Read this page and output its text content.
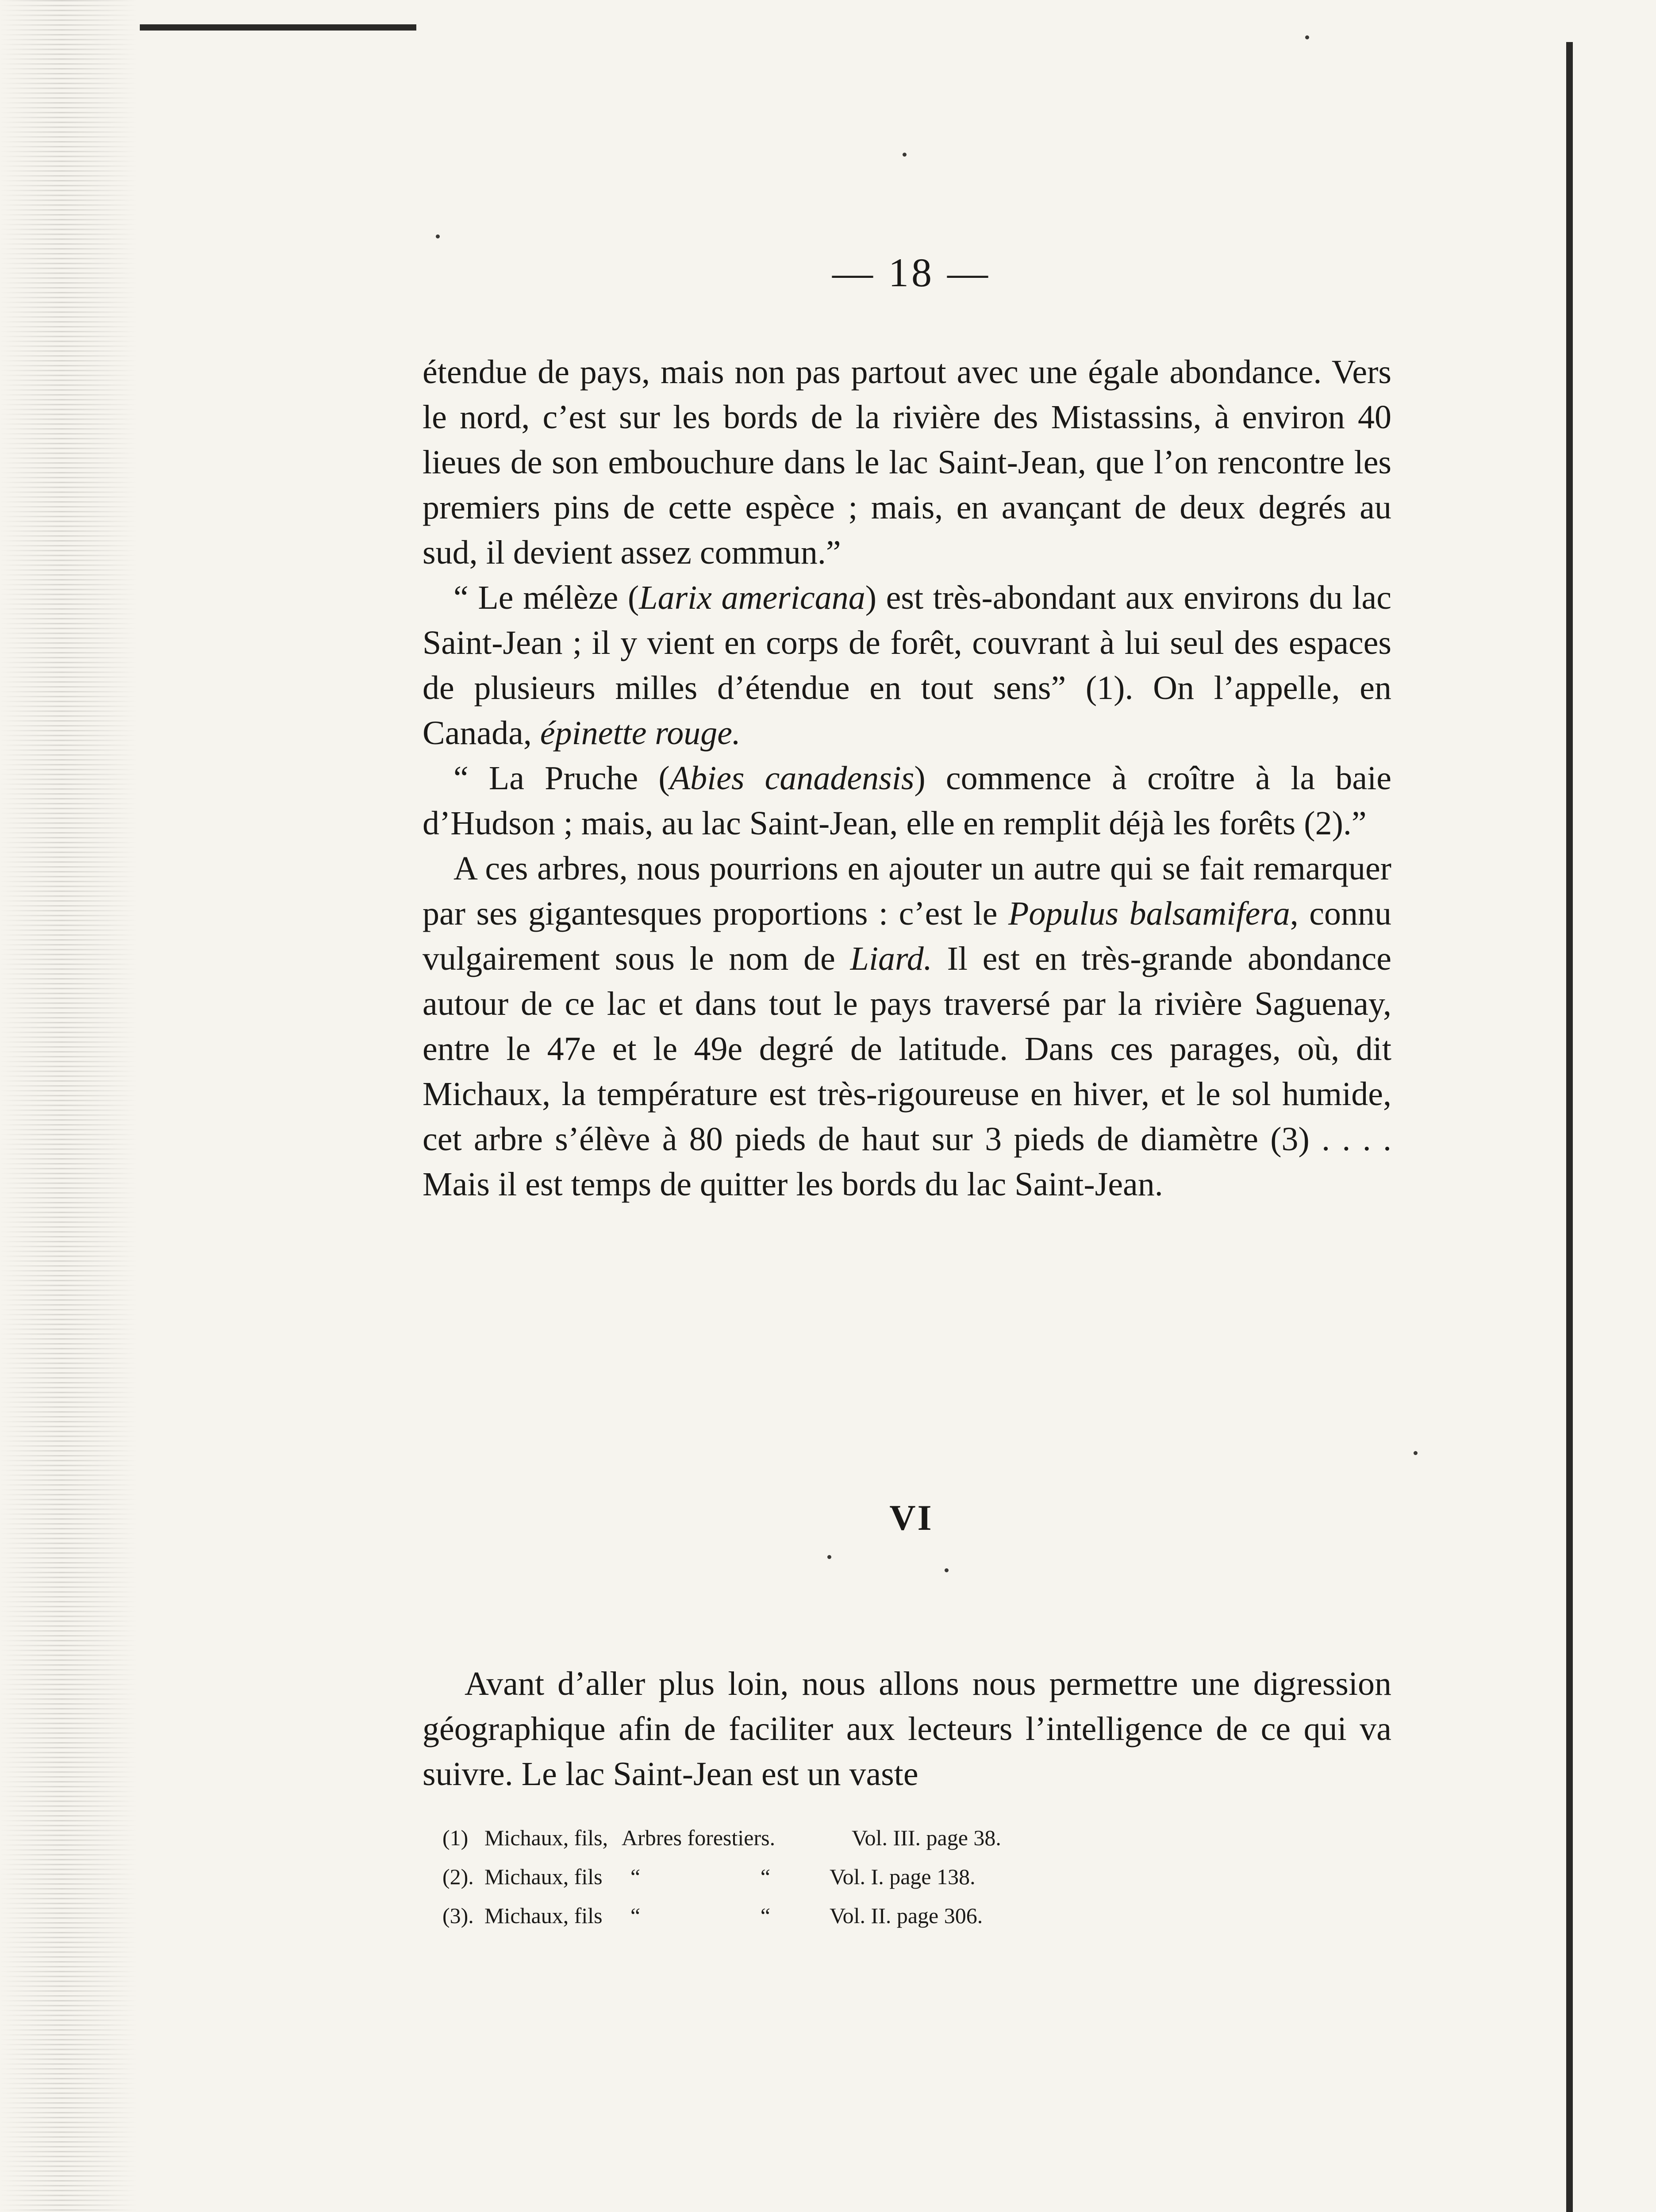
— 18 —

étendue de pays, mais non pas partout avec une égale abondance. Vers le nord, c’est sur les bords de la rivière des Mistassins, à environ 40 lieues de son embouchure dans le lac Saint-Jean, que l’on rencontre les premiers pins de cette espèce ; mais, en avançant de deux degrés au sud, il devient assez commun.”

“ Le mélèze (Larix americana) est très-abondant aux environs du lac Saint-Jean ; il y vient en corps de forêt, couvrant à lui seul des espaces de plusieurs milles d’étendue en tout sens” (1). On l’appelle, en Canada, épinette rouge.

“ La Pruche (Abies canadensis) commence à croître à la baie d’Hudson ; mais, au lac Saint-Jean, elle en remplit déjà les forêts (2).”

A ces arbres, nous pourrions en ajouter un autre qui se fait remarquer par ses gigantesques proportions : c’est le Populus balsamifera, connu vulgairement sous le nom de Liard. Il est en très-grande abondance autour de ce lac et dans tout le pays traversé par la rivière Saguenay, entre le 47e et le 49e degré de latitude. Dans ces parages, où, dit Michaux, la température est très-rigoureuse en hiver, et le sol humide, cet arbre s’élève à 80 pieds de haut sur 3 pieds de diamètre (3) . . . . Mais il est temps de quitter les bords du lac Saint-Jean.

VI

Avant d’aller plus loin, nous allons nous permettre une digression géographique afin de faciliter aux lecteurs l’intelligence de ce qui va suivre. Le lac Saint-Jean est un vaste

(1) Michaux, fils, Arbres forestiers.	Vol. III. page 38.
(2). Michaux, fils	“	“	Vol. I. page 138.
(3). Michaux, fils	“	“	Vol. II. page 306.
